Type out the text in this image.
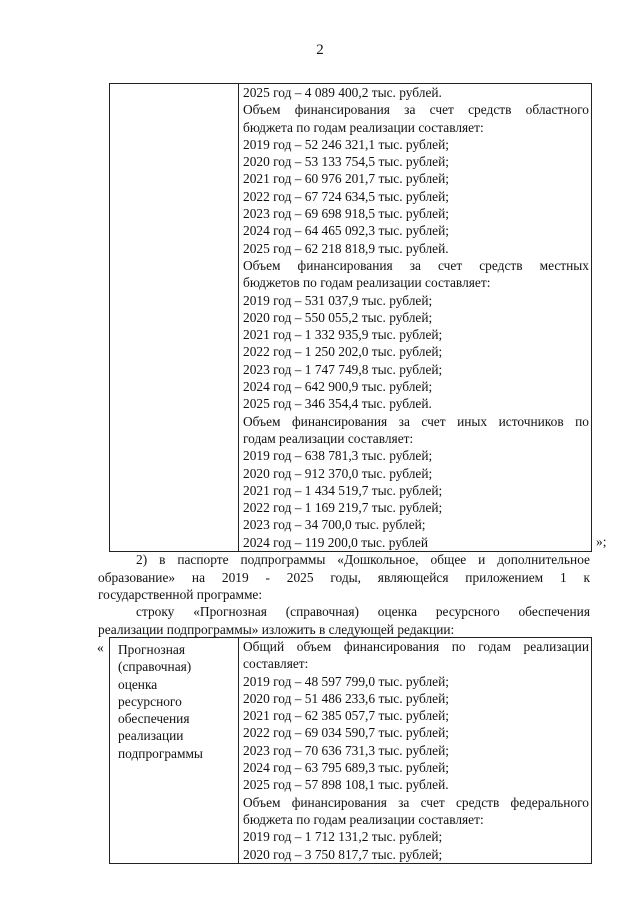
2
2025 год – 4 089 400,2 тыс. рублей.
Объем финансирования за счет средств областного
бюджета по годам реализации составляет:
2019 год – 52 246 321,1 тыс. рублей;
2020 год – 53 133 754,5 тыс. рублей;
2021 год – 60 976 201,7 тыс. рублей;
2022 год – 67 724 634,5 тыс. рублей;
2023 год – 69 698 918,5 тыс. рублей;
2024 год – 64 465 092,3 тыс. рублей;
2025 год – 62 218 818,9 тыс. рублей.
Объем финансирования за счет средств местных
бюджетов по годам реализации составляет:
2019 год – 531 037,9 тыс. рублей;
2020 год – 550 055,2 тыс. рублей;
2021 год – 1 332 935,9 тыс. рублей;
2022 год – 1 250 202,0 тыс. рублей;
2023 год – 1 747 749,8 тыс. рублей;
2024 год – 642 900,9 тыс. рублей;
2025 год – 346 354,4 тыс. рублей.
Объем финансирования за счет иных источников по
годам реализации составляет:
2019 год – 638 781,3 тыс. рублей;
2020 год – 912 370,0 тыс. рублей;
2021 год – 1 434 519,7 тыс. рублей;
2022 год – 1 169 219,7 тыс. рублей;
2023 год – 34 700,0 тыс. рублей;
2024 год – 119 200,0 тыс. рублей	»;
2) в паспорте подпрограммы «Дошкольное, общее и дополнительное
образование» на 2019 - 2025 годы, являющейся приложением 1 к
государственной программе:
строку «Прогнозная (справочная) оценка ресурсного обеспечения
реализации подпрограммы» изложить в следующей редакции:
« Прогнозная
(справочная)
оценка
ресурсного
обеспечения
реализации
подпрограммы
Общий объем финансирования по годам реализации
составляет:
2019 год – 48 597 799,0 тыс. рублей;
2020 год – 51 486 233,6 тыс. рублей;
2021 год – 62 385 057,7 тыс. рублей;
2022 год – 69 034 590,7 тыс. рублей;
2023 год – 70 636 731,3 тыс. рублей;
2024 год – 63 795 689,3 тыс. рублей;
2025 год – 57 898 108,1 тыс. рублей.
Объем финансирования за счет средств федерального
бюджета по годам реализации составляет:
2019 год – 1 712 131,2 тыс. рублей;
2020 год – 3 750 817,7 тыс. рублей;
